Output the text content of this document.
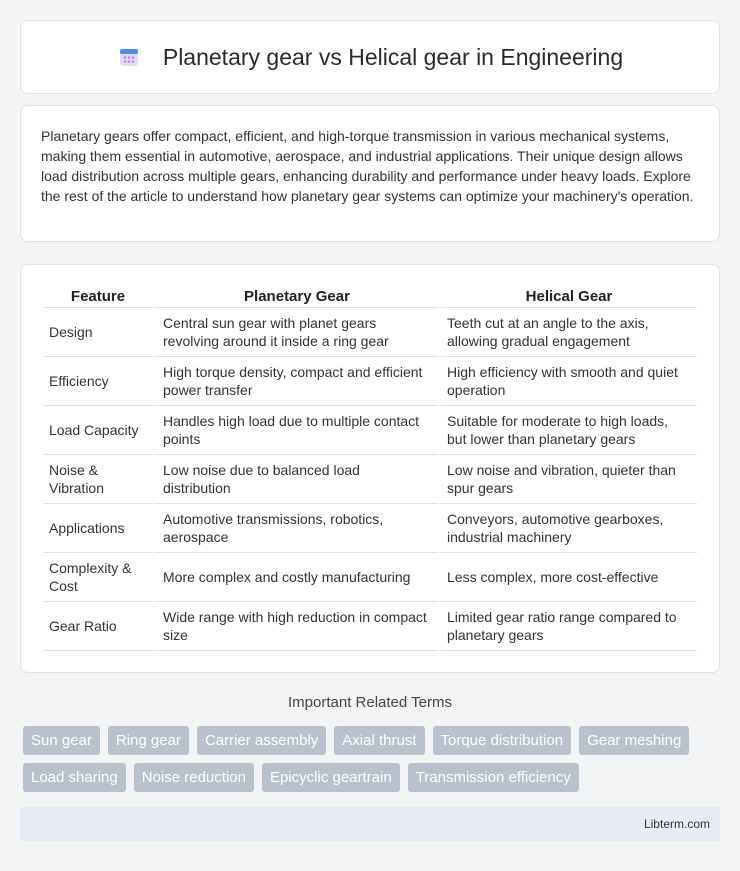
Planetary gear vs Helical gear in Engineering

Planetary gears offer compact, efficient, and high-torque transmission in various mechanical systems, making them essential in automotive, aerospace, and industrial applications. Their unique design allows load distribution across multiple gears, enhancing durability and performance under heavy loads. Explore the rest of the article to understand how planetary gear systems can optimize your machinery's operation.

Feature	Planetary Gear	Helical Gear
Design	Central sun gear with planet gears revolving around it inside a ring gear	Teeth cut at an angle to the axis, allowing gradual engagement
Efficiency	High torque density, compact and efficient power transfer	High efficiency with smooth and quiet operation
Load Capacity	Handles high load due to multiple contact points	Suitable for moderate to high loads, but lower than planetary gears
Noise & Vibration	Low noise due to balanced load distribution	Low noise and vibration, quieter than spur gears
Applications	Automotive transmissions, robotics, aerospace	Conveyors, automotive gearboxes, industrial machinery
Complexity & Cost	More complex and costly manufacturing	Less complex, more cost-effective
Gear Ratio	Wide range with high reduction in compact size	Limited gear ratio range compared to planetary gears
Important Related Terms
Sun gear	Ring gear	Carrier assembly	Axial thrust	Torque distribution	Gear meshing
Load sharing	Noise reduction	Epicyclic geartrain	Transmission efficiency
Libterm.com
